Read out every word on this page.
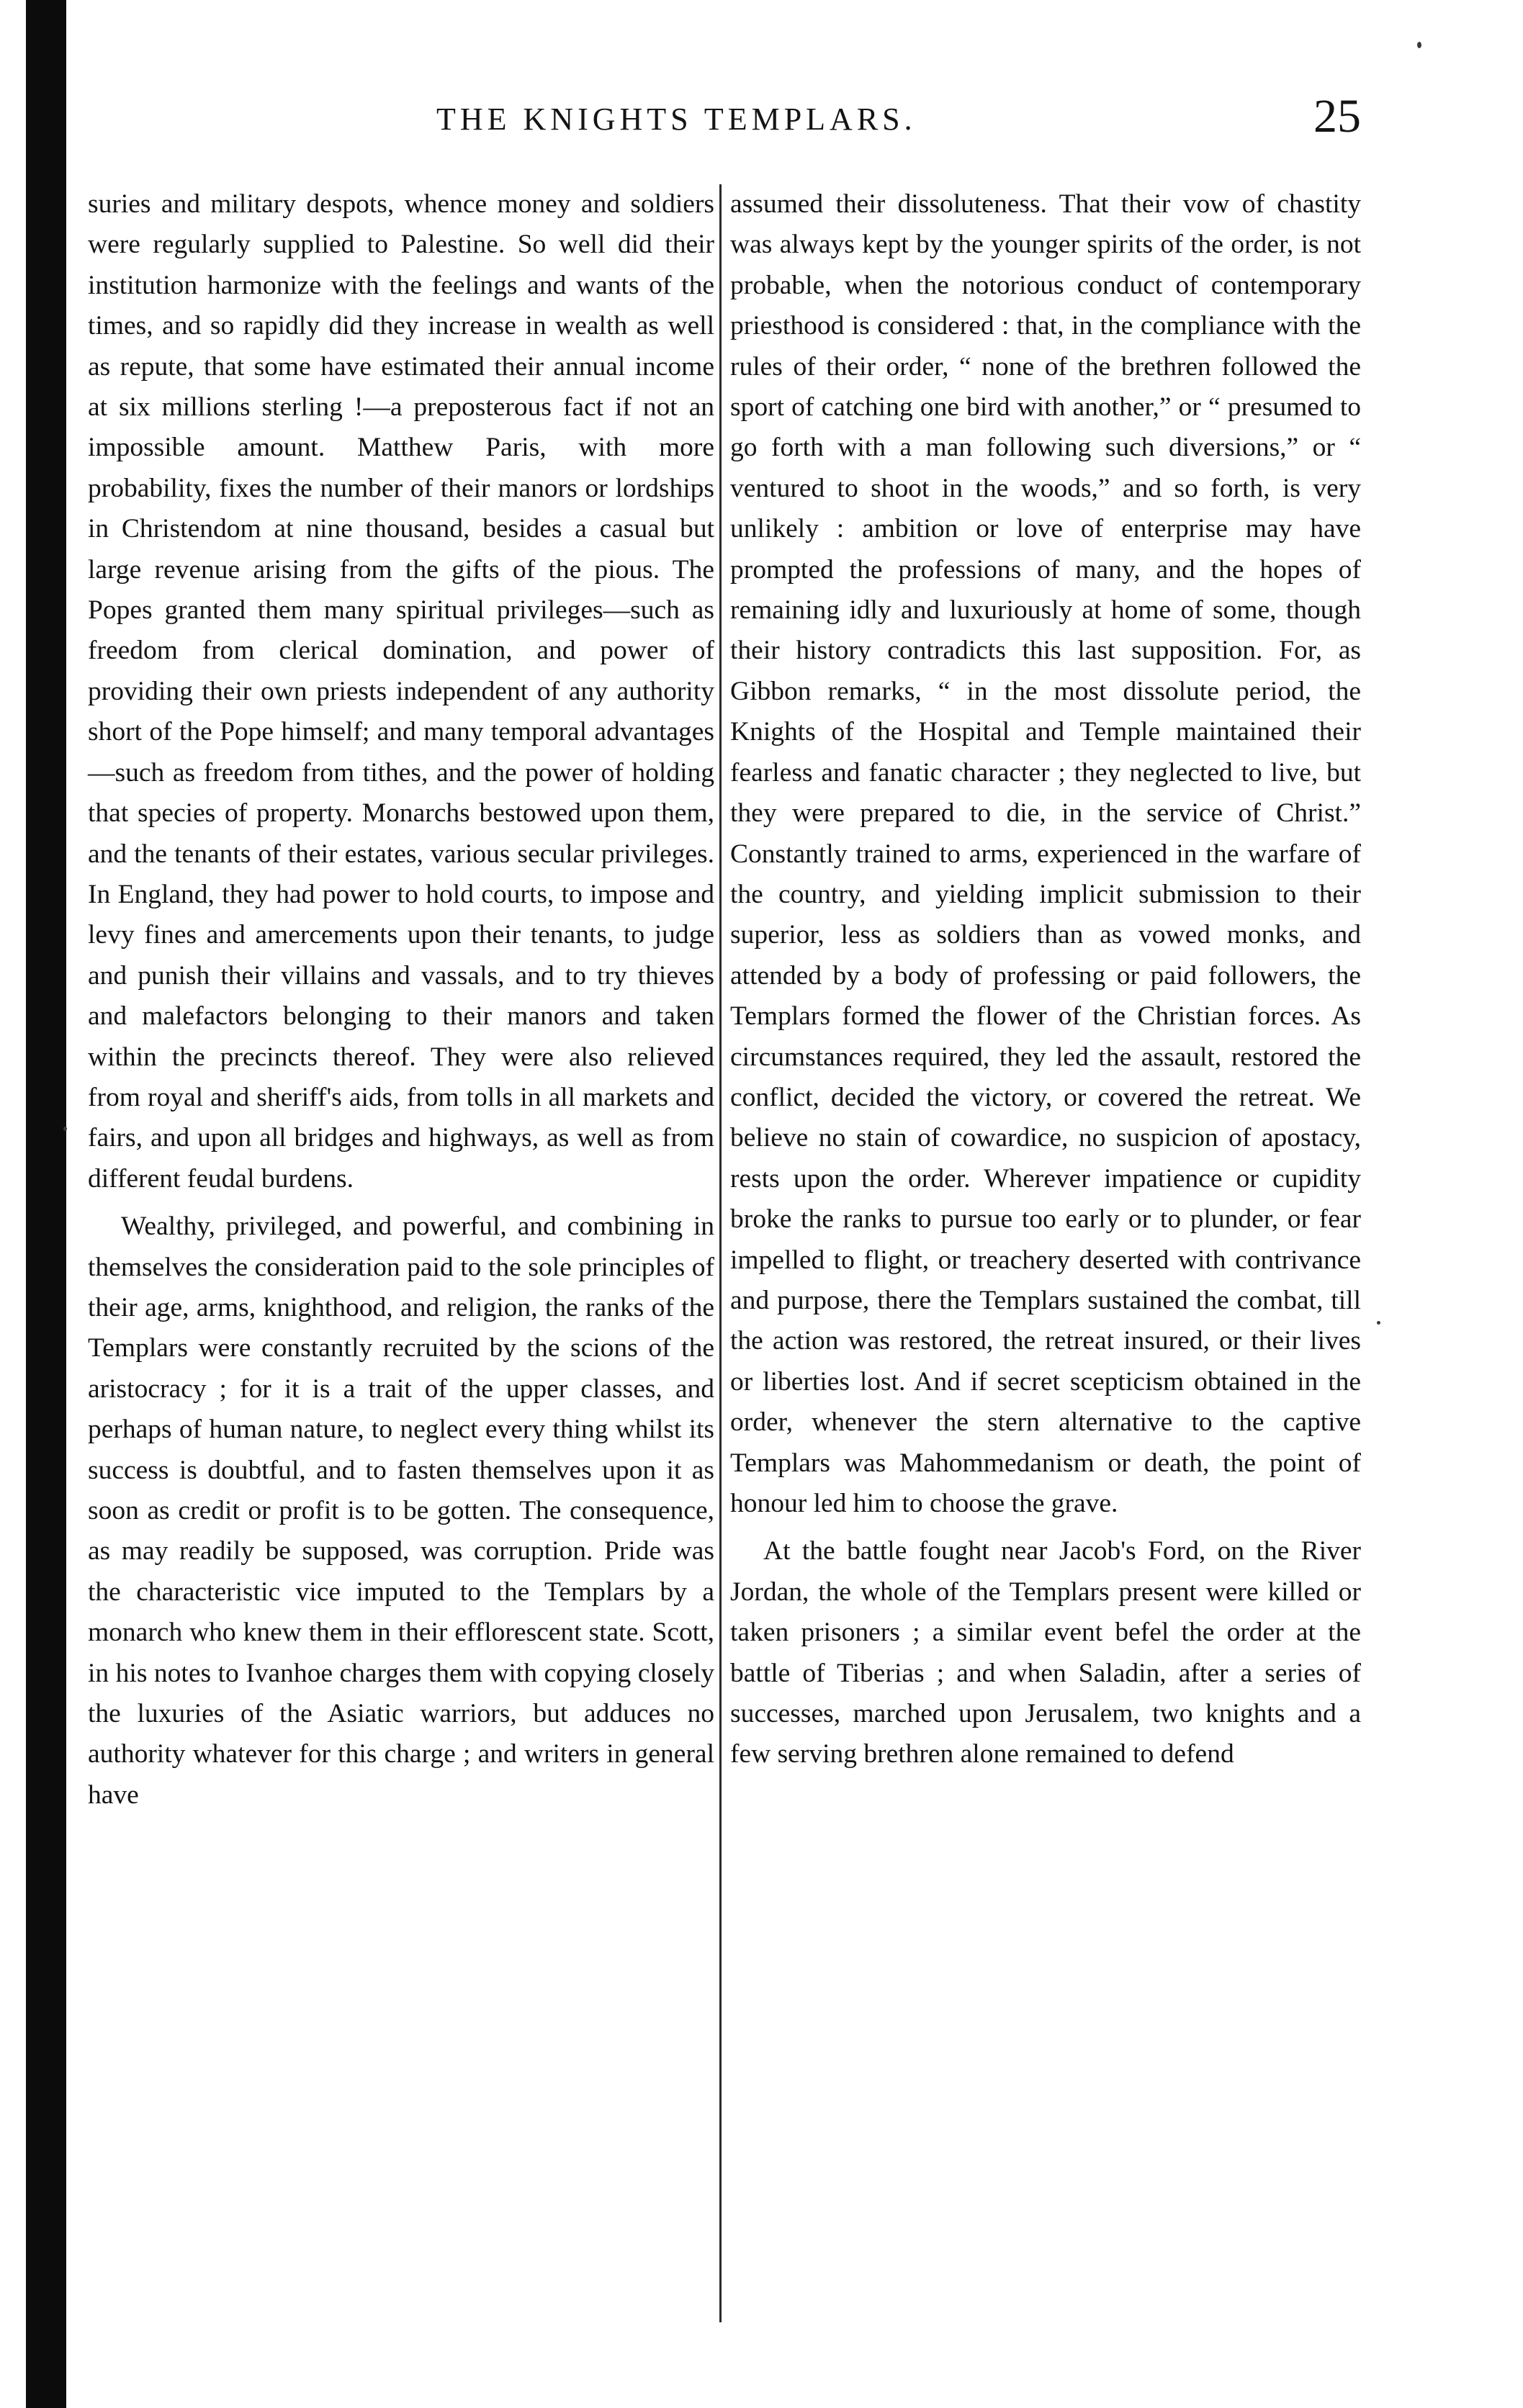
THE KNIGHTS TEMPLARS.	25

suries and military despots, whence money and soldiers were regularly supplied to Palestine. So well did their institution harmonize with the feelings and wants of the times, and so rapidly did they increase in wealth as well as repute, that some have estimated their annual income at six millions sterling !—a preposterous fact if not an impossible amount. Matthew Paris, with more probability, fixes the number of their manors or lordships in Christendom at nine thousand, besides a casual but large revenue arising from the gifts of the pious. The Popes granted them many spiritual privileges—such as freedom from clerical domination, and power of providing their own priests independent of any authority short of the Pope himself; and many temporal advantages—such as freedom from tithes, and the power of holding that species of property. Monarchs bestowed upon them, and the tenants of their estates, various secular privileges. In England, they had power to hold courts, to impose and levy fines and amercements upon their tenants, to judge and punish their villains and vassals, and to try thieves and malefactors belonging to their manors and taken within the precincts thereof. They were also relieved from royal and sheriff's aids, from tolls in all markets and fairs, and upon all bridges and highways, as well as from different feudal burdens.

Wealthy, privileged, and powerful, and combining in themselves the consideration paid to the sole principles of their age, arms, knighthood, and religion, the ranks of the Templars were constantly recruited by the scions of the aristocracy ; for it is a trait of the upper classes, and perhaps of human nature, to neglect every thing whilst its success is doubtful, and to fasten themselves upon it as soon as credit or profit is to be gotten. The consequence, as may readily be supposed, was corruption. Pride was the characteristic vice imputed to the Templars by a monarch who knew them in their efflorescent state. Scott, in his notes to Ivanhoe charges them with copying closely the luxuries of the Asiatic warriors, but adduces no authority whatever for this charge ; and writers in general have

assumed their dissoluteness. That their vow of chastity was always kept by the younger spirits of the order, is not probable, when the notorious conduct of contemporary priesthood is considered : that, in the compliance with the rules of their order, “ none of the brethren followed the sport of catching one bird with another,” or “ presumed to go forth with a man following such diversions,” or “ ventured to shoot in the woods,” and so forth, is very unlikely : ambition or love of enterprise may have prompted the professions of many, and the hopes of remaining idly and luxuriously at home of some, though their history contradicts this last supposition. For, as Gibbon remarks, “ in the most dissolute period, the Knights of the Hospital and Temple maintained their fearless and fanatic character ; they neglected to live, but they were prepared to die, in the service of Christ.” Constantly trained to arms, experienced in the warfare of the country, and yielding implicit submission to their superior, less as soldiers than as vowed monks, and attended by a body of professing or paid followers, the Templars formed the flower of the Christian forces. As circumstances required, they led the assault, restored the conflict, decided the victory, or covered the retreat. We believe no stain of cowardice, no suspicion of apostacy, rests upon the order. Wherever impatience or cupidity broke the ranks to pursue too early or to plunder, or fear impelled to flight, or treachery deserted with contrivance and purpose, there the Templars sustained the combat, till the action was restored, the retreat insured, or their lives or liberties lost. And if secret scepticism obtained in the order, whenever the stern alternative to the captive Templars was Mahommedanism or death, the point of honour led him to choose the grave.

At the battle fought near Jacob's Ford, on the River Jordan, the whole of the Templars present were killed or taken prisoners ; a similar event befel the order at the battle of Tiberias ; and when Saladin, after a series of successes, marched upon Jerusalem, two knights and a few serving brethren alone remained to defend
